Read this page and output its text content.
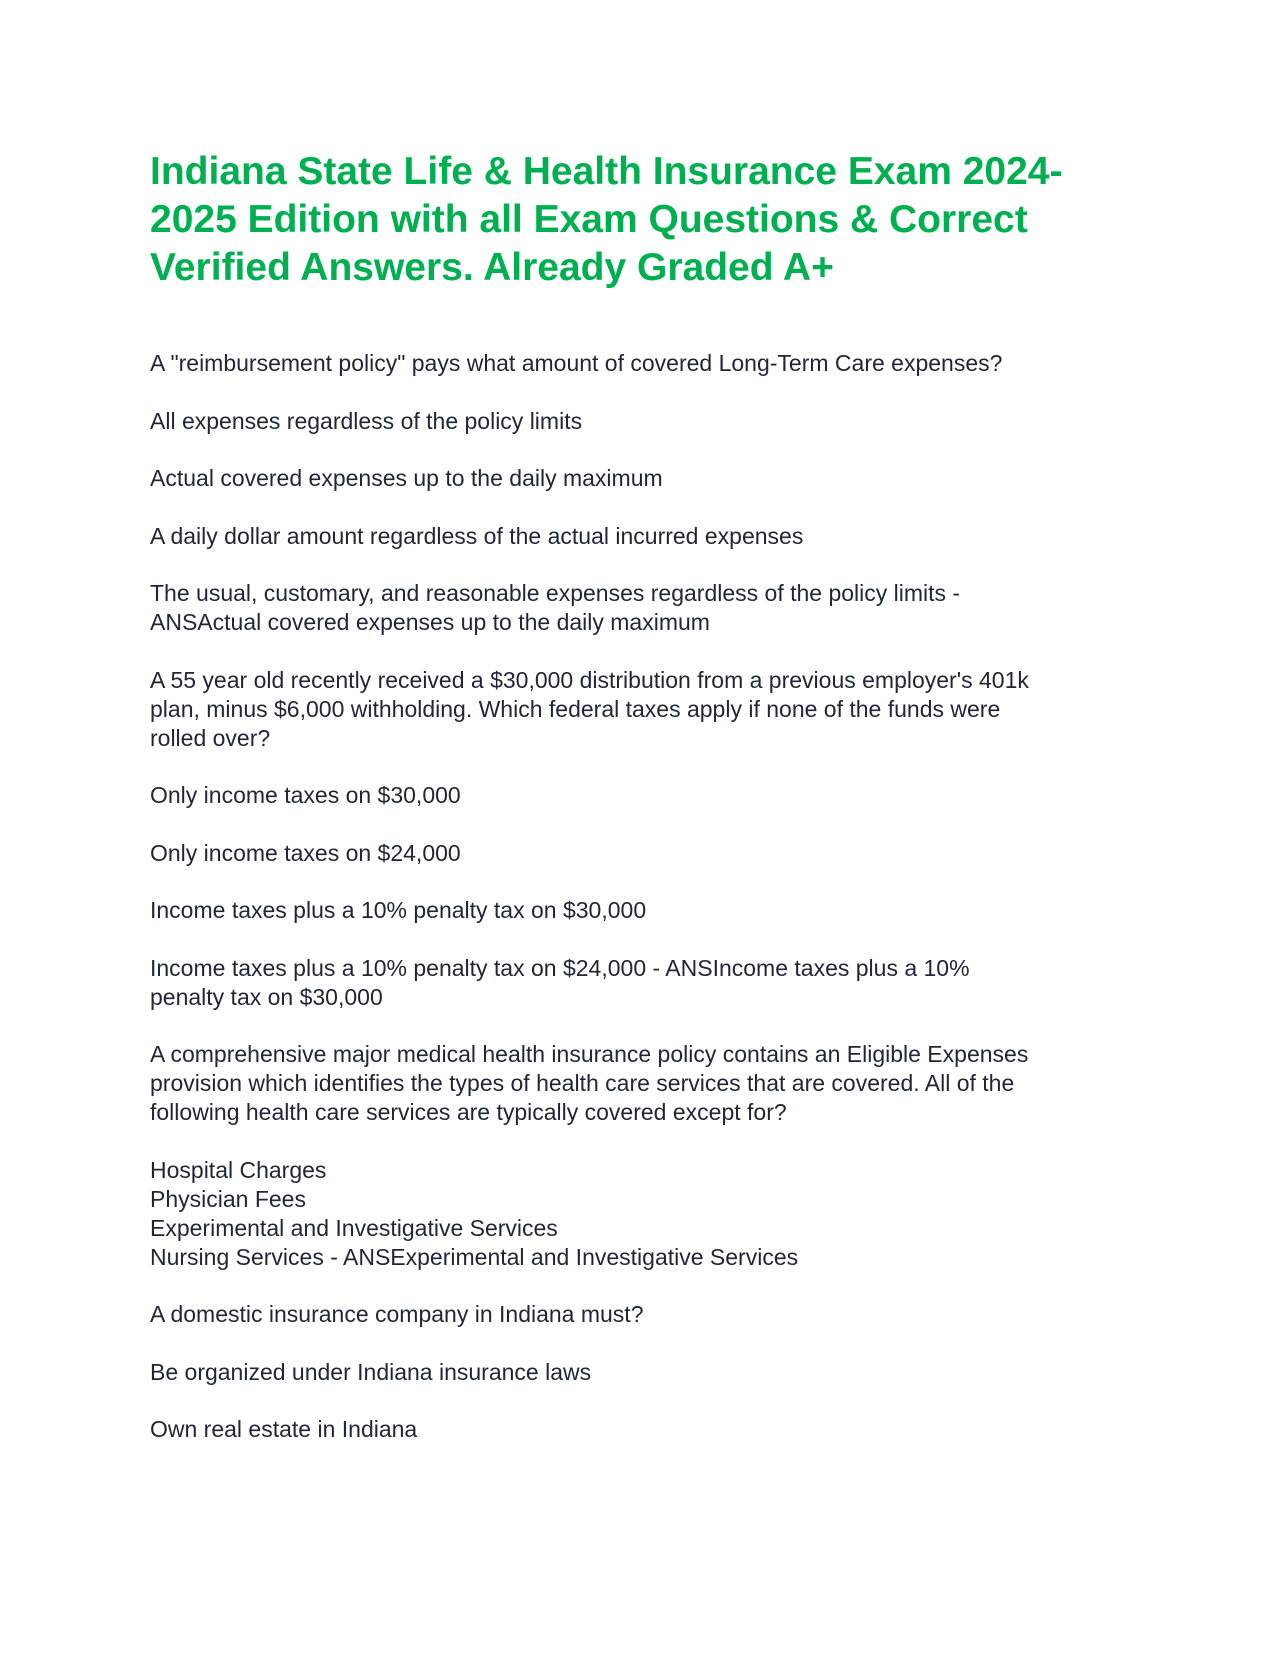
Indiana State Life & Health Insurance Exam 2024-
2025 Edition with all Exam Questions & Correct
Verified Answers. Already Graded A+

A "reimbursement policy" pays what amount of covered Long-Term Care expenses?

All expenses regardless of the policy limits

Actual covered expenses up to the daily maximum

A daily dollar amount regardless of the actual incurred expenses

The usual, customary, and reasonable expenses regardless of the policy limits -
ANSActual covered expenses up to the daily maximum

A 55 year old recently received a $30,000 distribution from a previous employer's 401k
plan, minus $6,000 withholding. Which federal taxes apply if none of the funds were
rolled over?

Only income taxes on $30,000

Only income taxes on $24,000

Income taxes plus a 10% penalty tax on $30,000

Income taxes plus a 10% penalty tax on $24,000 - ANSIncome taxes plus a 10%
penalty tax on $30,000

A comprehensive major medical health insurance policy contains an Eligible Expenses
provision which identifies the types of health care services that are covered. All of the
following health care services are typically covered except for?

Hospital Charges
Physician Fees
Experimental and Investigative Services
Nursing Services - ANSExperimental and Investigative Services

A domestic insurance company in Indiana must?

Be organized under Indiana insurance laws

Own real estate in Indiana
